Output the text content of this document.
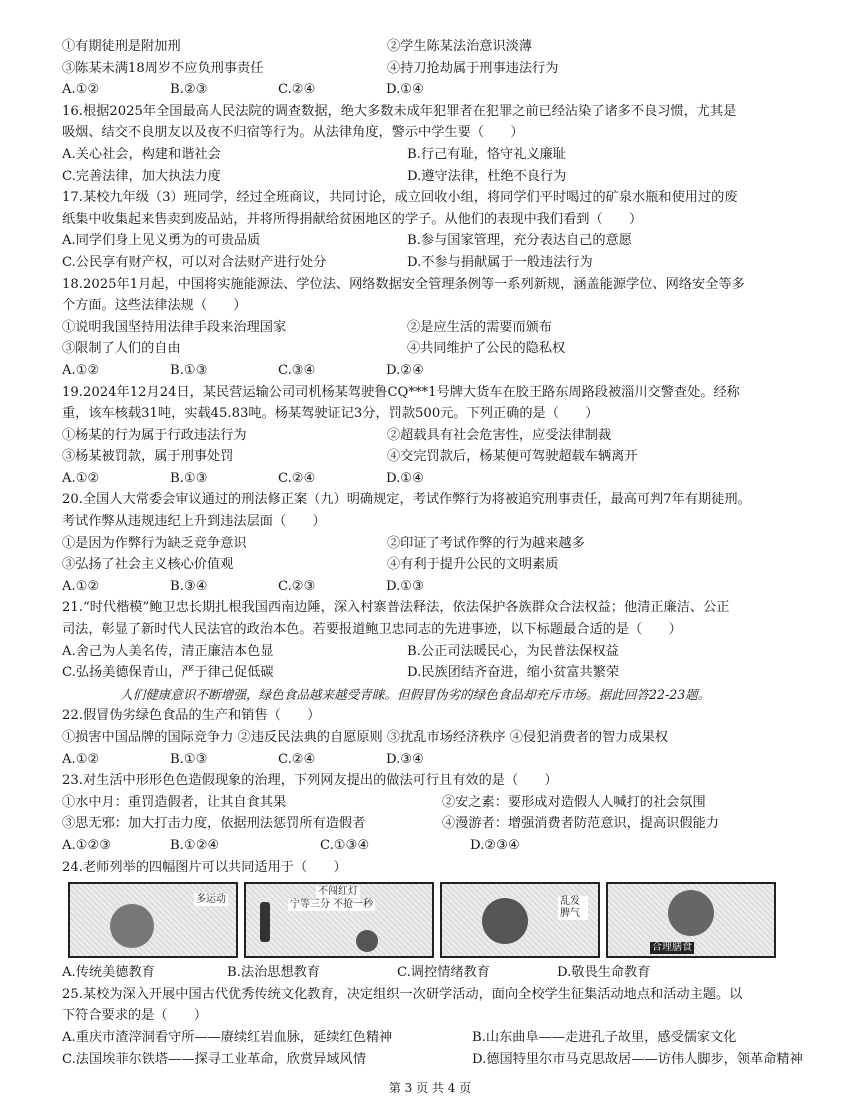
①有期徒刑是附加刑	②学生陈某法治意识淡薄
③陈某未满18周岁不应负刑事责任	④持刀抢劫属于刑事违法行为
A.①②	B.②③	C.②④	D.①④
16.根据2025年全国最高人民法院的调查数据，绝大多数未成年犯罪者在犯罪之前已经沾染了诸多不良习惯，尤其是
吸烟、结交不良朋友以及夜不归宿等行为。从法律角度，警示中学生要（　　）
A.关心社会，构建和谐社会	B.行己有耻，恪守礼义廉耻
C.完善法律，加大执法力度	D.遵守法律，杜绝不良行为
17.某校九年级（3）班同学，经过全班商议，共同讨论，成立回收小组，将同学们平时喝过的矿泉水瓶和使用过的废
纸集中收集起来售卖到废品站，并将所得捐献给贫困地区的学子。从他们的表现中我们看到（　　）
A.同学们身上见义勇为的可贵品质	B.参与国家管理，充分表达自己的意愿
C.公民享有财产权，可以对合法财产进行处分	D.不参与捐献属于一般违法行为
18.2025年1月起，中国将实施能源法、学位法、网络数据安全管理条例等一系列新规，涵盖能源学位、网络安全等多
个方面。这些法律法规（　　）
①说明我国坚持用法律手段来治理国家	②是应生活的需要而颁布
③限制了人们的自由	④共同维护了公民的隐私权
A.①②	B.①③	C.③④	D.②④
19.2024年12月24日，某民营运输公司司机杨某驾驶鲁CQ***1号牌大货车在胶王路东周路段被淄川交警查处。经称
重，该车核载31吨，实载45.83吨。杨某驾驶证记3分，罚款500元。下列正确的是（　　）
①杨某的行为属于行政违法行为	②超载具有社会危害性，应受法律制裁
③杨某被罚款，属于刑事处罚	④交完罚款后，杨某便可驾驶超载车辆离开
A.①②	B.①③	C.②④	D.①④
20.全国人大常委会审议通过的刑法修正案（九）明确规定，考试作弊行为将被追究刑事责任，最高可判7年有期徒刑。
考试作弊从违规违纪上升到违法层面（　　）
①是因为作弊行为缺乏竞争意识	②印证了考试作弊的行为越来越多
③弘扬了社会主义核心价值观	④有利于提升公民的文明素质
A.①②	B.③④	C.②③	D.①③
21.“时代楷模”鲍卫忠长期扎根我国西南边陲，深入村寨普法释法，依法保护各族群众合法权益；他清正廉洁、公正
司法，彰显了新时代人民法官的政治本色。若要报道鲍卫忠同志的先进事迹，以下标题最合适的是（　　）
A.舍己为人美名传，清正廉洁本色显	B.公正司法暖民心，为民普法保权益
C.弘扬美德保青山，严于律己促低碳	D.民族团结齐奋进，缩小贫富共繁荣
人们健康意识不断增强，绿色食品越来越受青睐。但假冒伪劣的绿色食品却充斥市场。据此回答22-23题。
22.假冒伪劣绿色食品的生产和销售（　　）
①损害中国品牌的国际竞争力 ②违反民法典的自愿原则 ③扰乱市场经济秩序 ④侵犯消费者的智力成果权
A.①②	B.①③	C.②④	D.③④
23.对生活中形形色色造假现象的治理，下列网友提出的做法可行且有效的是（　　）
①水中月：重罚造假者，让其自食其果	②安之素：要形成对造假人人喊打的社会氛围
③思无邪：加大打击力度，依据刑法惩罚所有造假者	④漫游者：增强消费者防范意识，提高识假能力
A.①②③	B.①②④	C.①③④	D.②③④
24.老师列举的四幅图片可以共同适用于（　　）
多运动
不闯红灯
宁等三分 不抢一秒	乱发脾气
合理膳食
A.传统美德教育	B.法治思想教育	C.调控情绪教育	D.敬畏生命教育
25.某校为深入开展中国古代优秀传统文化教育，决定组织一次研学活动，面向全校学生征集活动地点和活动主题。以
下符合要求的是（　　）
A.重庆市渣滓洞看守所——赓续红岩血脉，延续红色精神	B.山东曲阜——走进孔子故里，感受儒家文化
C.法国埃菲尔铁塔——探寻工业革命，欣赏异域风情	D.德国特里尔市马克思故居——访伟人脚步，领革命精神
第 3 页 共 4 页
